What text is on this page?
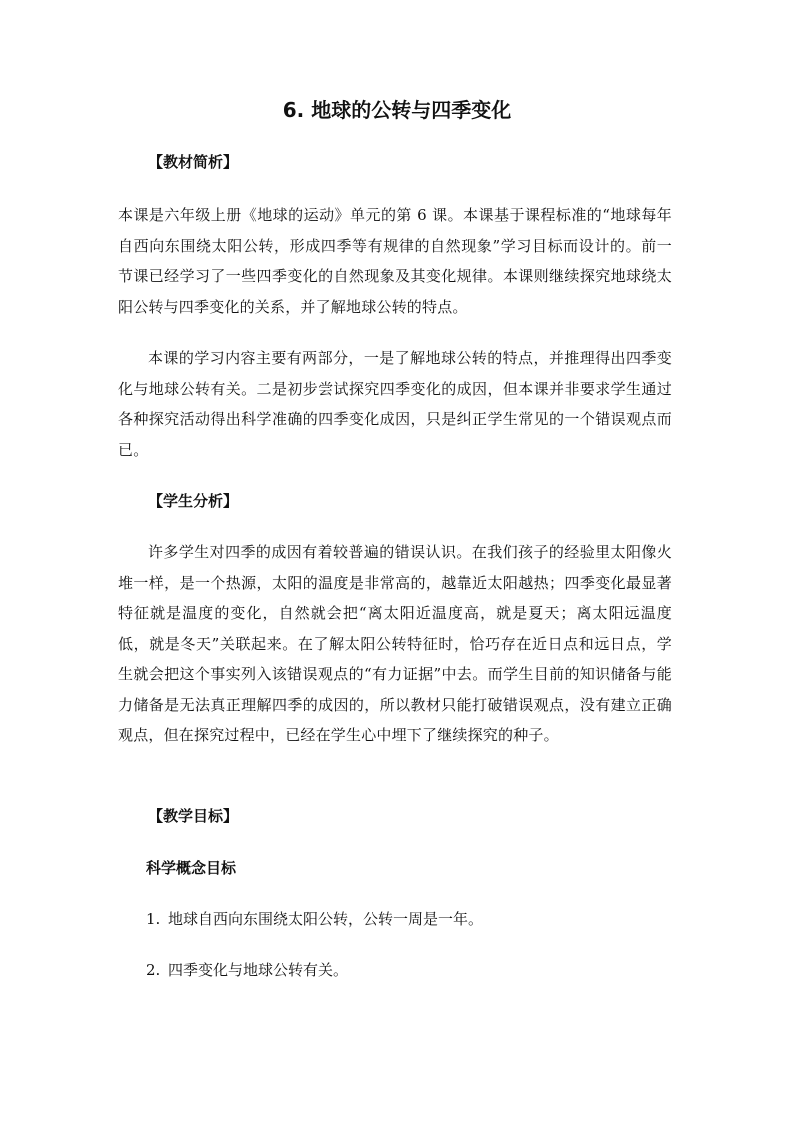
6. 地球的公转与四季变化
【教材简析】

本课是六年级上册《地球的运动》单元的第 6 课。本课基于课程标准的“地球每年自西向东围绕太阳公转，形成四季等有规律的自然现象”学习目标而设计的。前一节课已经学习了一些四季变化的自然现象及其变化规律。本课则继续探究地球绕太阳公转与四季变化的关系，并了解地球公转的特点。

本课的学习内容主要有两部分，一是了解地球公转的特点，并推理得出四季变化与地球公转有关。二是初步尝试探究四季变化的成因，但本课并非要求学生通过各种探究活动得出科学准确的四季变化成因，只是纠正学生常见的一个错误观点而已。

【学生分析】

许多学生对四季的成因有着较普遍的错误认识。在我们孩子的经验里太阳像火堆一样，是一个热源，太阳的温度是非常高的，越靠近太阳越热；四季变化最显著特征就是温度的变化，自然就会把“离太阳近温度高，就是夏天；离太阳远温度低，就是冬天”关联起来。在了解太阳公转特征时，恰巧存在近日点和远日点，学生就会把这个事实列入该错误观点的“有力证据”中去。而学生目前的知识储备与能力储备是无法真正理解四季的成因的，所以教材只能打破错误观点，没有建立正确观点，但在探究过程中，已经在学生心中埋下了继续探究的种子。

【教学目标】
科学概念目标
1. 地球自西向东围绕太阳公转，公转一周是一年。
2. 四季变化与地球公转有关。
